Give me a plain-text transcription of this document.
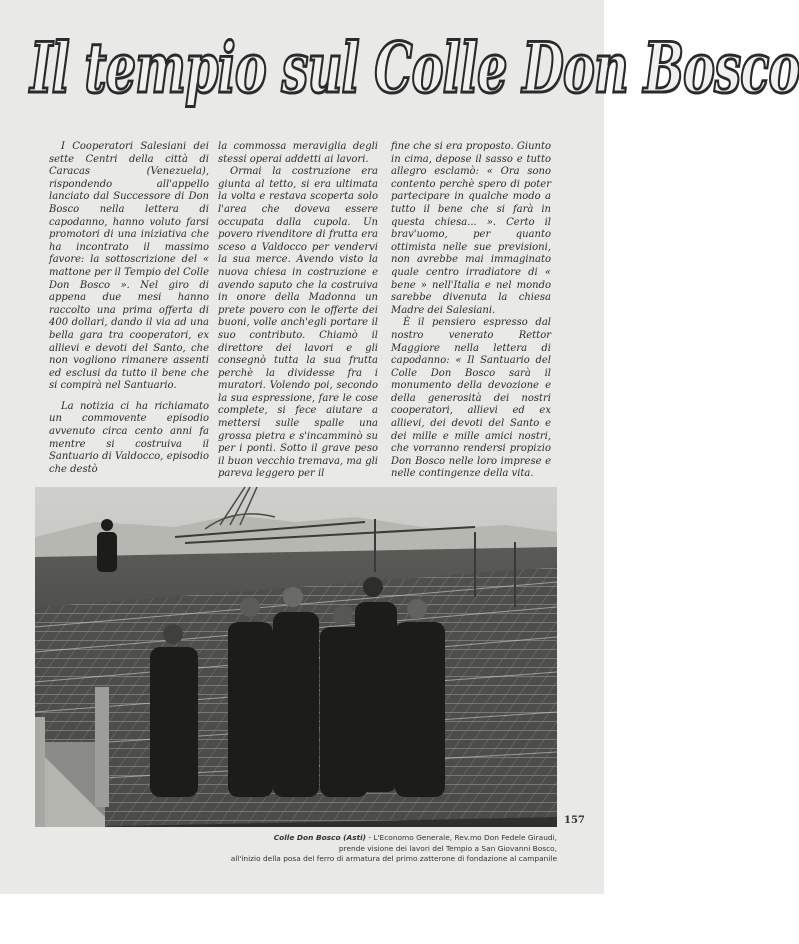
Il tempio sul Colle Don Bosco

I Cooperatori Salesiani dei sette Centri della città di Caracas (Venezuela), rispondendo all'appello lanciato dal Successore di Don Bosco nella lettera di capodanno, hanno voluto farsi promotori di una iniziativa che ha incontrato il massimo favore: la sottoscrizione del « mattone per il Tempio del Colle Don Bosco ». Nel giro di appena due mesi hanno raccolto una prima offerta di 400 dollari, dando il via ad una bella gara tra cooperatori, ex allievi e devoti del Santo, che non vogliono rimanere assenti ed esclusi da tutto il bene che si compirà nel Santuario.

La notizia ci ha richiamato un commovente episodio avvenuto circa cento anni fa mentre si costruiva il Santuario di Valdocco, episodio che destò

la commossa meraviglia degli stessi operai addetti ai lavori.

Ormai la costruzione era giunta al tetto, si era ultimata la volta e restava scoperta solo l'area che doveva essere occupata dalla cupola. Un povero rivenditore di frutta era sceso a Valdocco per vendervi la sua merce. Avendo visto la nuova chiesa in costruzione e avendo saputo che la costruiva in onore della Madonna un prete povero con le offerte dei buoni, volle anch'egli portare il suo contributo. Chiamò il direttore dei lavori e gli consegnò tutta la sua frutta perchè la dividesse fra i muratori. Volendo poi, secondo la sua espressione, fare le cose complete, si fece aiutare a mettersi sulle spalle una grossa pietra e s'incamminò su per i ponti. Sotto il grave peso il buon vecchio tremava, ma gli pareva leggero per il

fine che si era proposto. Giunto in cima, depose il sasso e tutto allegro esclamò: « Ora sono contento perchè spero di poter partecipare in qualche modo a tutto il bene che si farà in questa chiesa... ». Certo il brav'uomo, per quanto ottimista nelle sue previsioni, non avrebbe mai immaginato quale centro irradiatore di « bene » nell'Italia e nel mondo sarebbe divenuta la chiesa Madre dei Salesiani.

È il pensiero espresso dal nostro venerato Rettor Maggiore nella lettera di capodanno: « Il Santuario del Colle Don Bosco sarà il monumento della devozione e della generosità dei nostri cooperatori, allievi ed ex allievi, dei devoti del Santo e dei mille e mille amici nostri, che vorranno rendersi propizio Don Bosco nelle loro imprese e nelle contingenze della vita.

157
Colle Don Bosco (Asti) - L'Economo Generale, Rev.mo Don Fedele Giraudi,
prende visione dei lavori del Tempio a San Giovanni Bosco,
all'inizio della posa del ferro di armatura del primo zatterone di fondazione al campanile
